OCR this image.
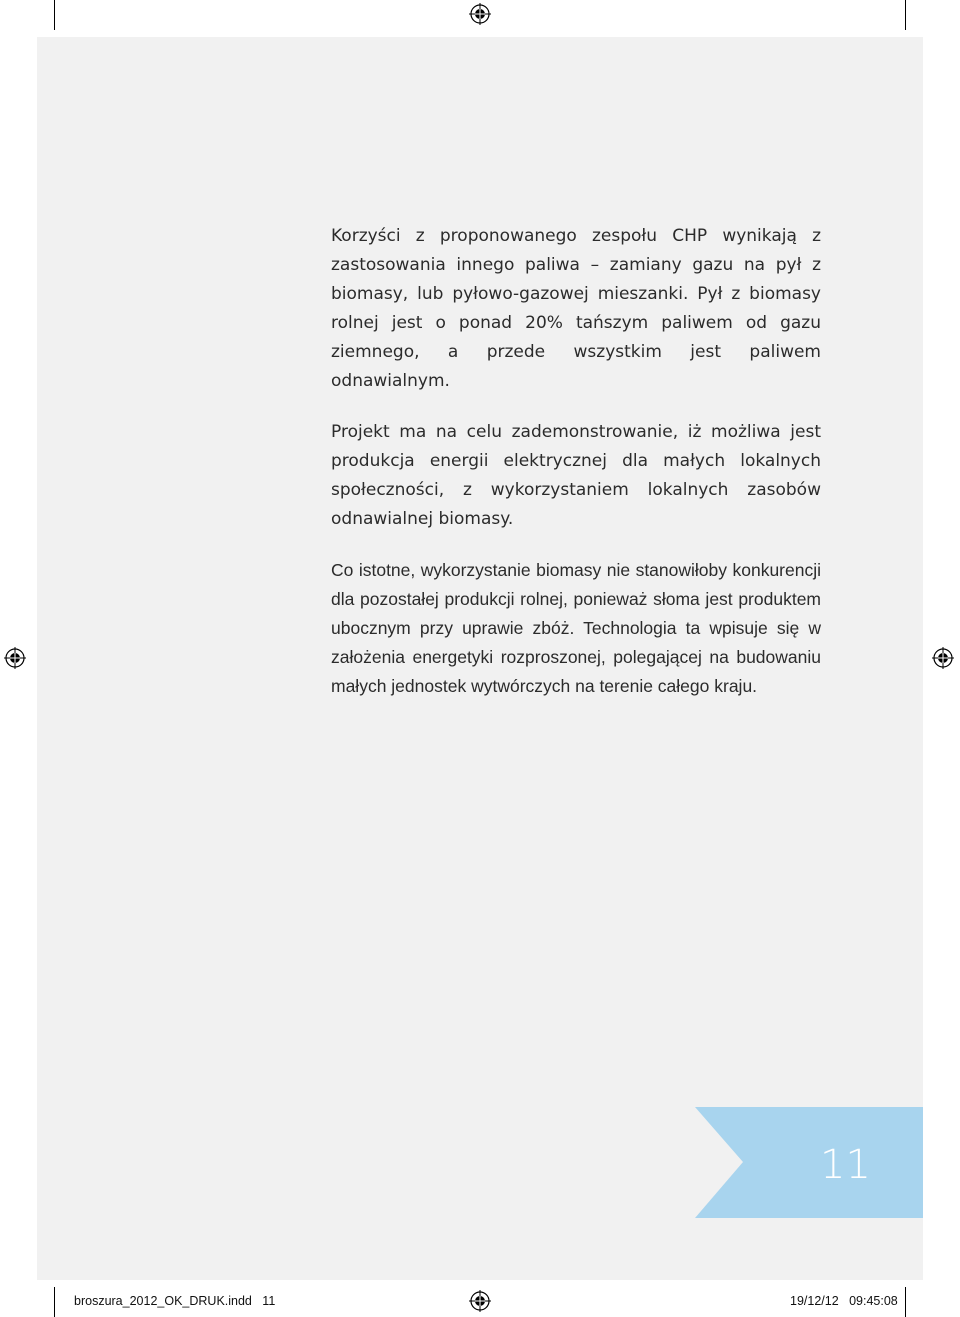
Korzyści z proponowanego zespołu CHP wynikają z zastosowania innego paliwa – zamiany gazu na pył z biomasy, lub pyłowo-gazowej mieszanki. Pył z biomasy rolnej jest o ponad 20% tańszym paliwem od gazu ziemnego, a przede wszystkim jest paliwem odnawialnym.

Projekt ma na celu zademonstrowanie, iż możliwa jest produkcja energii elektrycznej dla małych lokalnych społeczności, z wykorzystaniem lokalnych zasobów odnawialnej biomasy.

Co istotne, wykorzystanie biomasy nie stanowiłoby konkurencji dla pozostałej produkcji rolnej, ponieważ słoma jest produktem ubocznym przy uprawie zbóż. Technologia ta wpisuje się w założenia energetyki rozproszonej, polegającej na budowaniu małych jednostek wytwórczych na terenie całego kraju.

11
broszura_2012_OK_DRUK.indd   11	19/12/12   09:45:08
